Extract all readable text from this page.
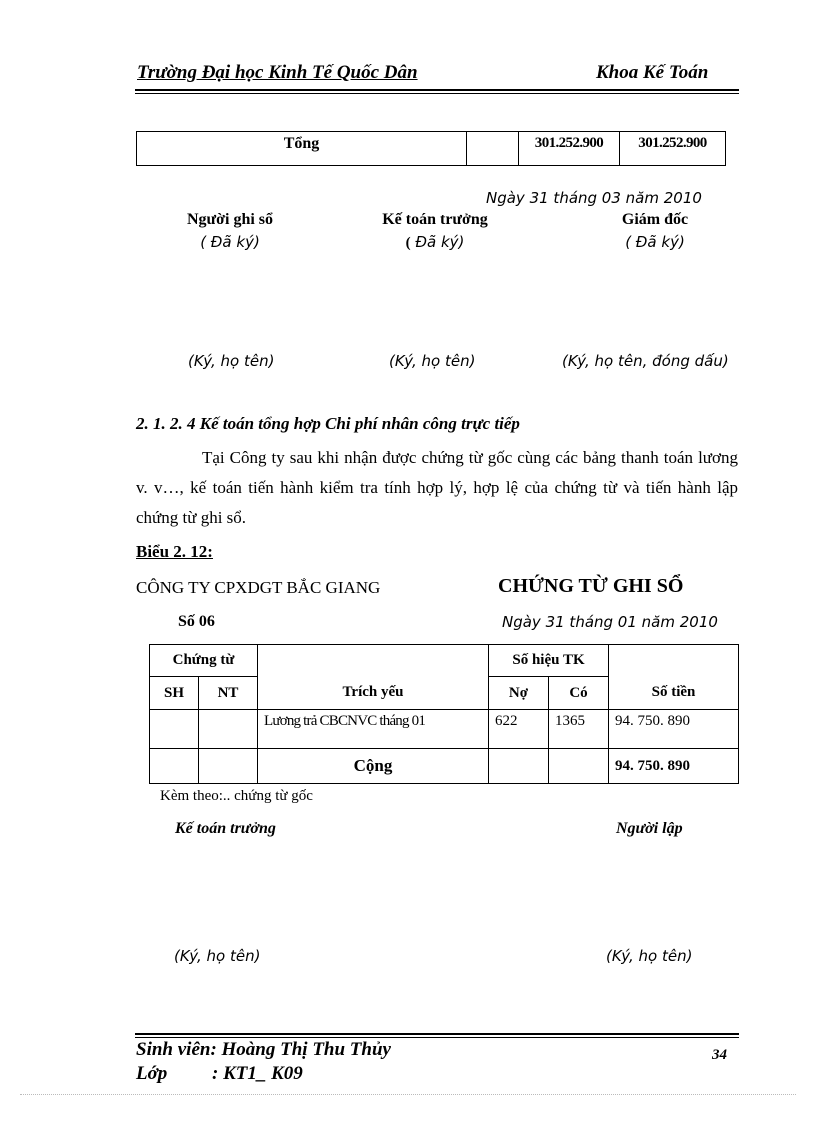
Trường Đại học Kinh Tế Quốc Dân	Khoa Kế Toán
Tổng		301.252.900	301.252.900
Ngày 31 tháng 03 năm 2010
Người ghi sổ	Kế toán trưởng	Giám đốc
( Đã ký)	( Đã ký)	( Đã ký)
(Ký, họ tên)	(Ký, họ tên)	(Ký, họ tên, đóng dấu)
2. 1. 2. 4 Kế toán tổng hợp Chi phí nhân công trực tiếp
Tại Công ty sau khi nhận được chứng từ gốc cùng các bảng thanh toán lương v. v…, kế toán tiến hành kiểm tra tính hợp lý, hợp lệ của chứng từ và tiến hành lập chứng từ ghi sổ.
Biểu 2. 12:
CÔNG TY CPXDGT BẮC GIANG	CHỨNG TỪ GHI SỔ
Số 06	Ngày 31 tháng 01 năm 2010
Chứng từ		Trích yếu	Số hiệu TK		Số tiền
SH	NT		Nợ	Có	
		Lương trả CBCNVC tháng 01	622	1365	94. 750. 890
		Cộng			94. 750. 890
Kèm theo:.. chứng từ gốc
Kế toán trưởng	Người lập
(Ký, họ tên)	(Ký, họ tên)
Sinh viên: Hoàng Thị Thu Thủy
Lớp : KT1_ K09
34
